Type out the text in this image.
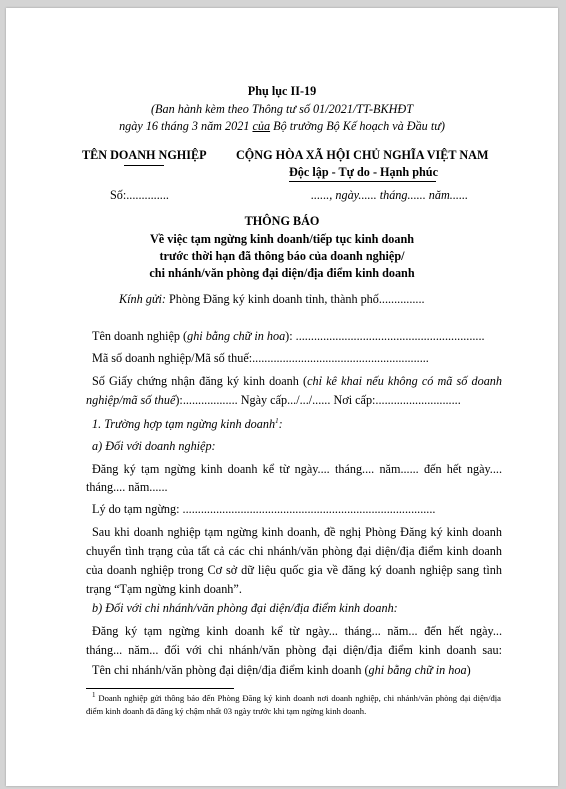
Phụ lục II-19
(Ban hành kèm theo Thông tư số 01/2021/TT-BKHĐT
ngày 16 tháng 3 năm 2021 của Bộ trưởng Bộ Kế hoạch và Đầu tư)
TÊN DOANH NGHIỆP CỘNG HÒA XÃ HỘI CHỦ NGHĨA VIỆT NAM
Độc lập - Tự do - Hạnh phúc
Số:..............	......, ngày...... tháng...... năm......
THÔNG BÁO
Về việc tạm ngừng kinh doanh/tiếp tục kinh doanh
trước thời hạn đã thông báo của doanh nghiệp/
chi nhánh/văn phòng đại diện/địa điểm kinh doanh
Kính gửi: Phòng Đăng ký kinh doanh tỉnh, thành phố...............
Tên doanh nghiệp (ghi bằng chữ in hoa): ..............................................................
Mã số doanh nghiệp/Mã số thuế:..........................................................
Số Giấy chứng nhận đăng ký kinh doanh (chỉ kê khai nếu không có mã số doanh nghiệp/mã số thuế):.................. Ngày cấp.../.../...... Nơi cấp:............................
1. Trường hợp tạm ngừng kinh doanh$^1$:
a) Đối với doanh nghiệp:
Đăng ký tạm ngừng kinh doanh kể từ ngày.... tháng.... năm...... đến hết ngày....
tháng.... năm......
Lý do tạm ngừng: ...................................................................................
Sau khi doanh nghiệp tạm ngừng kinh doanh, đề nghị Phòng Đăng ký kinh doanh chuyển tình trạng của tất cả các chi nhánh/văn phòng đại diện/địa điểm kinh doanh của doanh nghiệp trong Cơ sở dữ liệu quốc gia về đăng ký doanh nghiệp sang tình trạng “Tạm ngừng kinh doanh”.
b) Đối với chi nhánh/văn phòng đại diện/địa điểm kinh doanh:
Đăng ký tạm ngừng kinh doanh kể từ ngày... tháng... năm... đến hết ngày...
tháng... năm... đối với chi nhánh/văn phòng đại diện/địa điểm kinh doanh sau:
Tên chi nhánh/văn phòng đại diện/địa điểm kinh doanh (ghi bằng chữ in hoa)
$^1$ Doanh nghiệp gửi thông báo đến Phòng Đăng ký kinh doanh nơi doanh nghiệp, chi nhánh/văn phòng đại diện/địa điểm kinh doanh đã đăng ký chậm nhất 03 ngày trước khi tạm ngừng kinh doanh.
